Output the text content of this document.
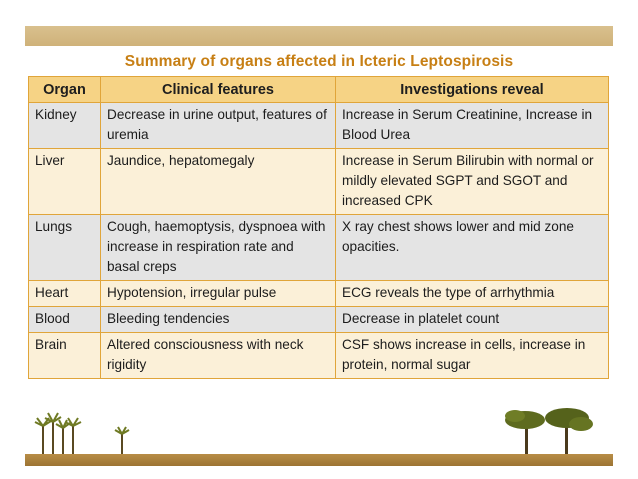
Summary of organs affected in Icteric Leptospirosis
Organ	Clinical features	Investigations reveal
Kidney	Decrease in urine output, features of uremia	Increase in Serum Creatinine, Increase in Blood Urea
Liver	Jaundice, hepatomegaly	Increase in Serum Bilirubin with normal or mildly elevated SGPT and SGOT and increased CPK
Lungs	Cough, haemoptysis, dyspnoea with increase in respiration rate and basal creps	X ray chest shows lower and mid zone opacities.
Heart	Hypotension, irregular pulse	ECG reveals the type of arrhythmia
Blood	Bleeding tendencies	Decrease in platelet count
Brain	Altered consciousness with neck rigidity	CSF shows increase in cells, increase in protein, normal sugar
